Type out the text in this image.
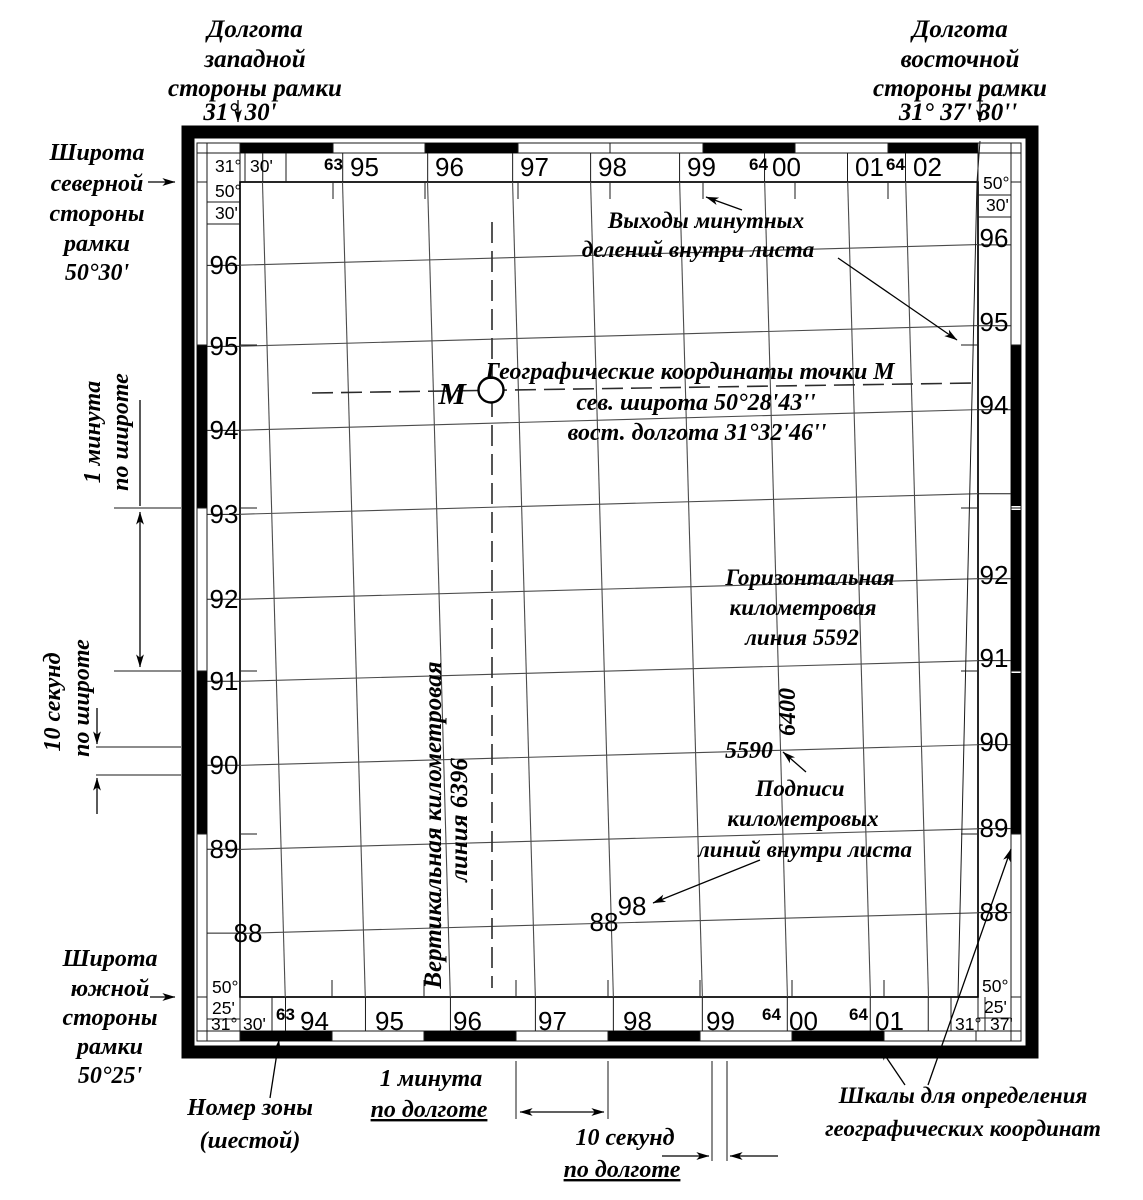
95 96 97 98 99 00 01 02
63	64	64
94 95 96 97 98 99 00 01
63	64	64
96
95
94
93
92
91
90
89
88
96
95
94
92
91
90
89
88
31° 30'
50°
30'
50°
30'
50°
25'
31° 30'
50°
25'
31° 37'
М
Долгота
западной
стороны рамки
31° 30'
Долгота
восточной
стороны рамки
31° 37' 30''
Широта
северной
стороны
рамки
50°30'
Широта
южной
стороны
рамки
50°25'
1 минута по широте
10 секунд по широте
1 минута
по долготе
10 секунд
по долготе
Номер зоны
(шестой)
Шкалы для определения
географических координат
Выходы минутных
делений внутри листа
Географические координаты точки М
сев. широта 50°28'43''
вост. долгота 31°32'46''
Горизонтальная
километровая
линия 5592
Вертикальная километровая линия 6396
6400
5590
88
98
Подписи
километровых
линий внутри листа
